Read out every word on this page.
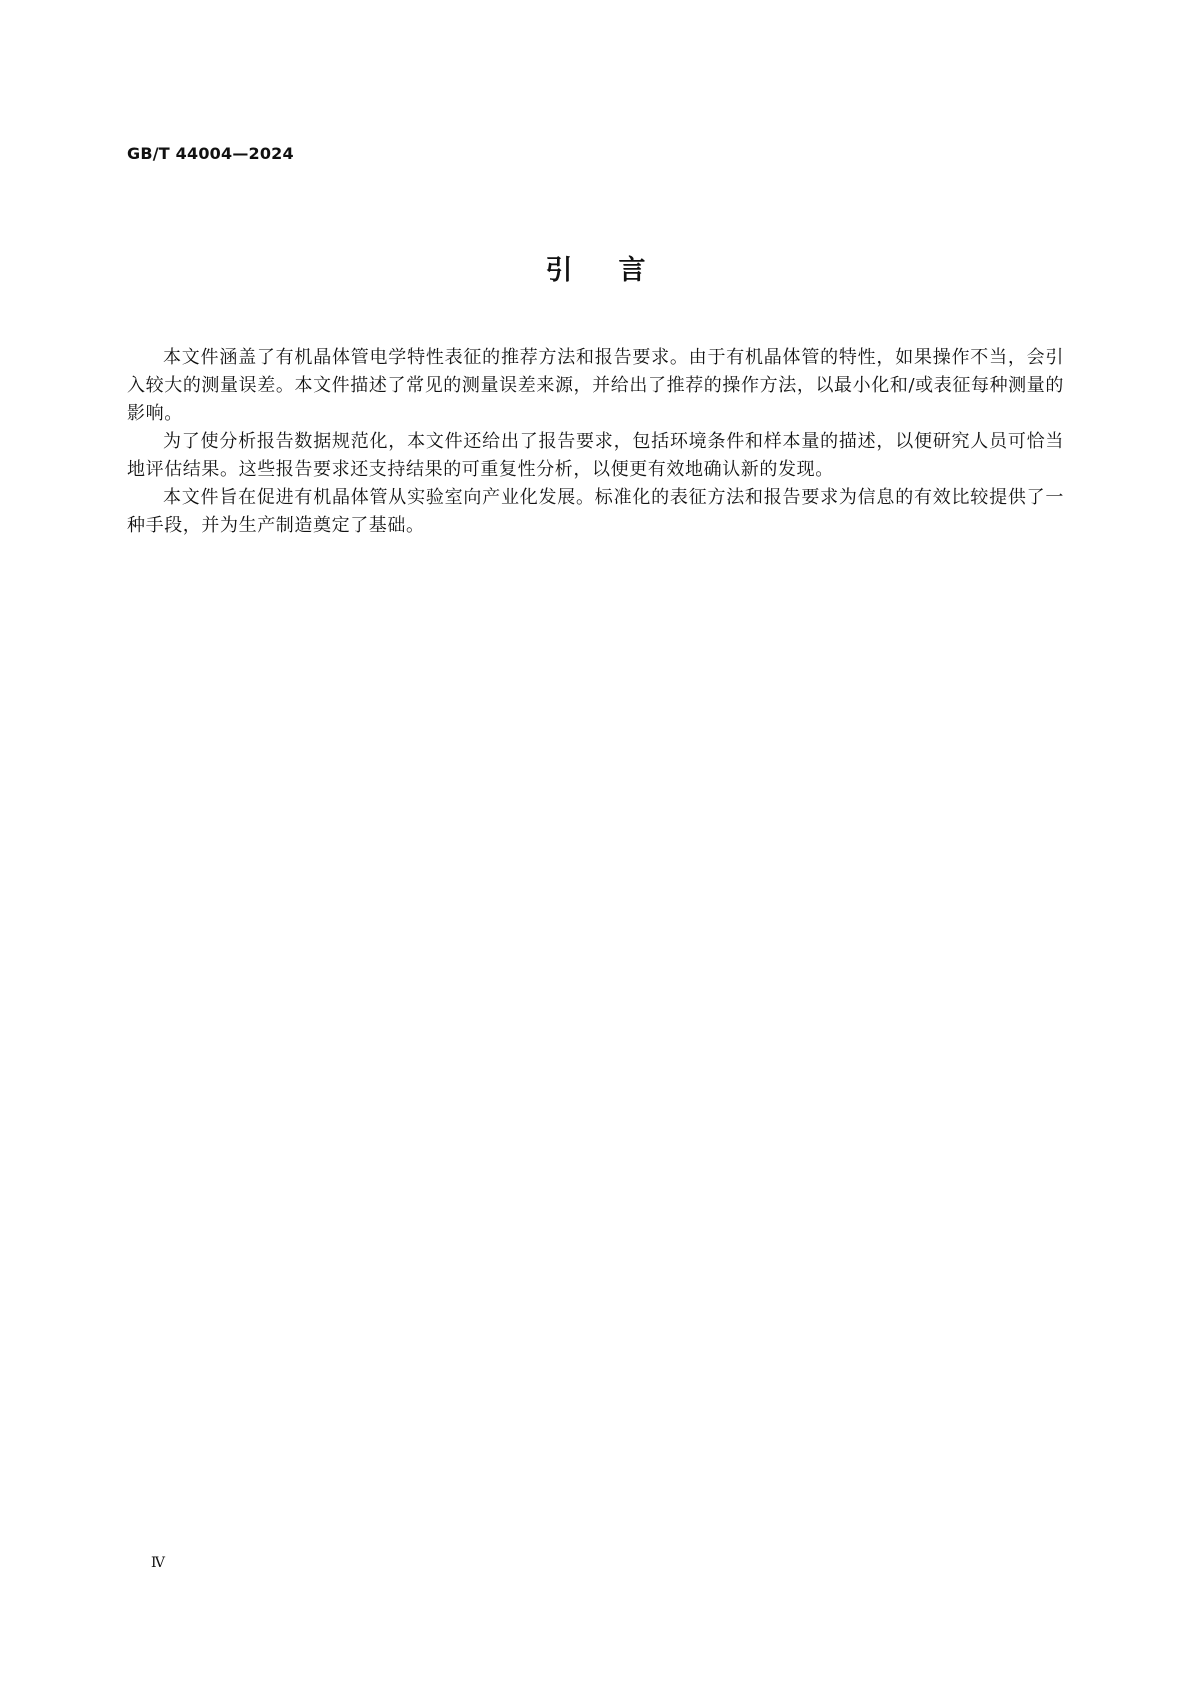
GB/T 44004—2024
引言

本文件涵盖了有机晶体管电学特性表征的推荐方法和报告要求。由于有机晶体管的特性，如果操作不当，会引入较大的测量误差。本文件描述了常见的测量误差来源，并给出了推荐的操作方法，以最小化和/或表征每种测量的影响。

为了使分析报告数据规范化，本文件还给出了报告要求，包括环境条件和样本量的描述，以便研究人员可恰当地评估结果。这些报告要求还支持结果的可重复性分析，以便更有效地确认新的发现。

本文件旨在促进有机晶体管从实验室向产业化发展。标准化的表征方法和报告要求为信息的有效比较提供了一种手段，并为生产制造奠定了基础。

Ⅳ
